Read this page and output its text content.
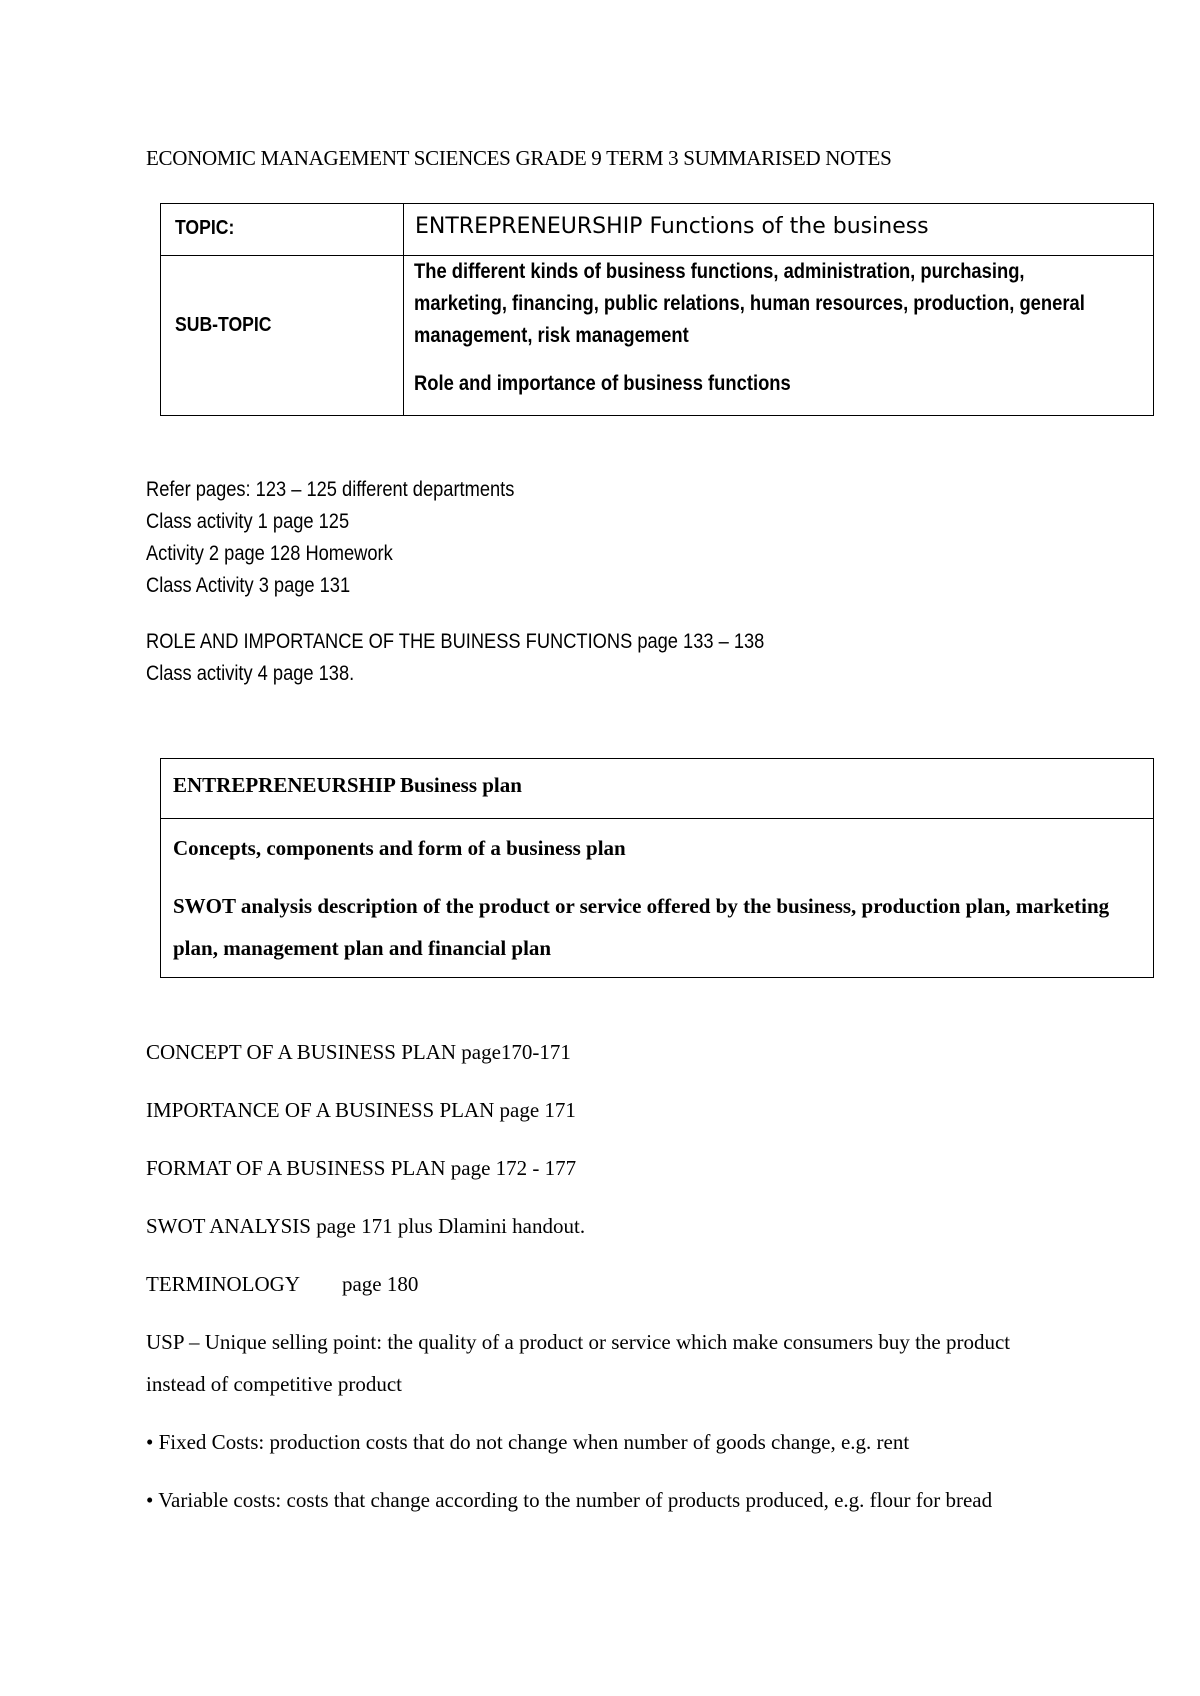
ECONOMIC MANAGEMENT SCIENCES GRADE 9 TERM 3 SUMMARISED NOTES
TOPIC:	ENTREPRENEURSHIP Functions of the business
SUB-TOPIC

The different kinds of business functions, administration, purchasing, marketing, financing, public relations, human resources, production, general management, risk management

Role and importance of business functions

Refer pages: 123 – 125 different departments
Class activity 1 page 125
Activity 2 page 128 Homework
Class Activity 3 page 131
ROLE AND IMPORTANCE OF THE BUINESS FUNCTIONS page 133 – 138
Class activity 4 page 138.
ENTREPRENEURSHIP Business plan

Concepts, components and form of a business plan

SWOT analysis description of the product or service offered by the business, production plan, marketing plan, management plan and financial plan

CONCEPT OF A BUSINESS PLAN page170-171

IMPORTANCE OF A BUSINESS PLAN page 171

FORMAT OF A BUSINESS PLAN page 172 - 177

SWOT ANALYSIS page 171 plus Dlamini handout.

TERMINOLOGY page 180

USP – Unique selling point: the quality of a product or service which make consumers buy the product instead of competitive product

• Fixed Costs: production costs that do not change when number of goods change, e.g. rent

• Variable costs: costs that change according to the number of products produced, e.g. flour for bread
